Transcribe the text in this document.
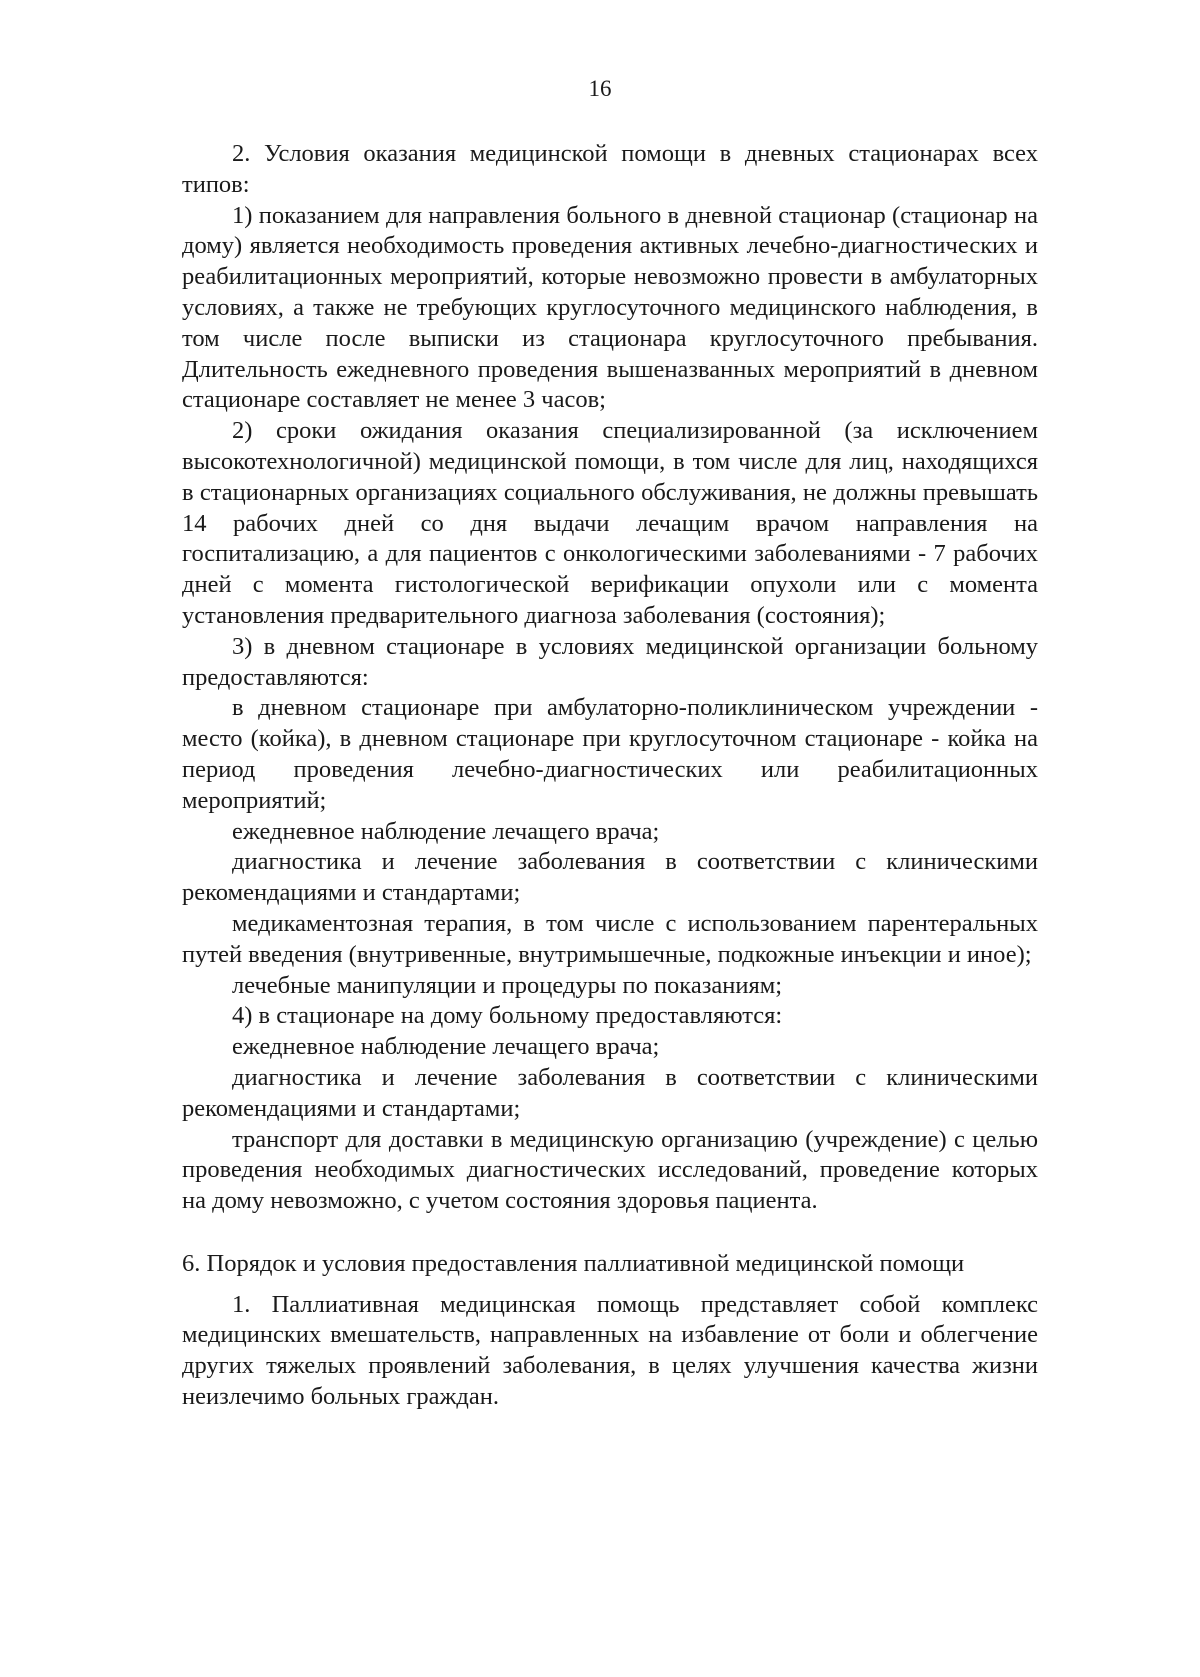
16

2. Условия оказания медицинской помощи в дневных стационарах всех типов:

1) показанием для направления больного в дневной стационар (стационар на дому) является необходимость проведения активных лечебно-диагностических и реабилитационных мероприятий, которые невозможно провести в амбулаторных условиях, а также не требующих круглосуточного медицинского наблюдения, в том числе после выписки из стационара круглосуточного пребывания. Длительность ежедневного проведения вышеназванных мероприятий в дневном стационаре составляет не менее 3 часов;

2) сроки ожидания оказания специализированной (за исключением высокотехнологичной) медицинской помощи, в том числе для лиц, находящихся в стационарных организациях социального обслуживания, не должны превышать 14 рабочих дней со дня выдачи лечащим врачом направления на госпитализацию, а для пациентов с онкологическими заболеваниями - 7 рабочих дней с момента гистологической верификации опухоли или с момента установления предварительного диагноза заболевания (состояния);

3) в дневном стационаре в условиях медицинской организации больному предоставляются:

в дневном стационаре при амбулаторно-поликлиническом учреждении - место (койка), в дневном стационаре при круглосуточном стационаре - койка на период проведения лечебно-диагностических или реабилитационных мероприятий;

ежедневное наблюдение лечащего врача;

диагностика и лечение заболевания в соответствии с клиническими рекомендациями и стандартами;

медикаментозная терапия, в том числе с использованием парентеральных путей введения (внутривенные, внутримышечные, подкожные инъекции и иное);

лечебные манипуляции и процедуры по показаниям;

4) в стационаре на дому больному предоставляются:

ежедневное наблюдение лечащего врача;

диагностика и лечение заболевания в соответствии с клиническими рекомендациями и стандартами;

транспорт для доставки в медицинскую организацию (учреждение) с целью проведения необходимых диагностических исследований, проведение которых на дому невозможно, с учетом состояния здоровья пациента.

6. Порядок и условия предоставления паллиативной медицинской помощи

1. Паллиативная медицинская помощь представляет собой комплекс медицинских вмешательств, направленных на избавление от боли и облегчение других тяжелых проявлений заболевания, в целях улучшения качества жизни неизлечимо больных граждан.
